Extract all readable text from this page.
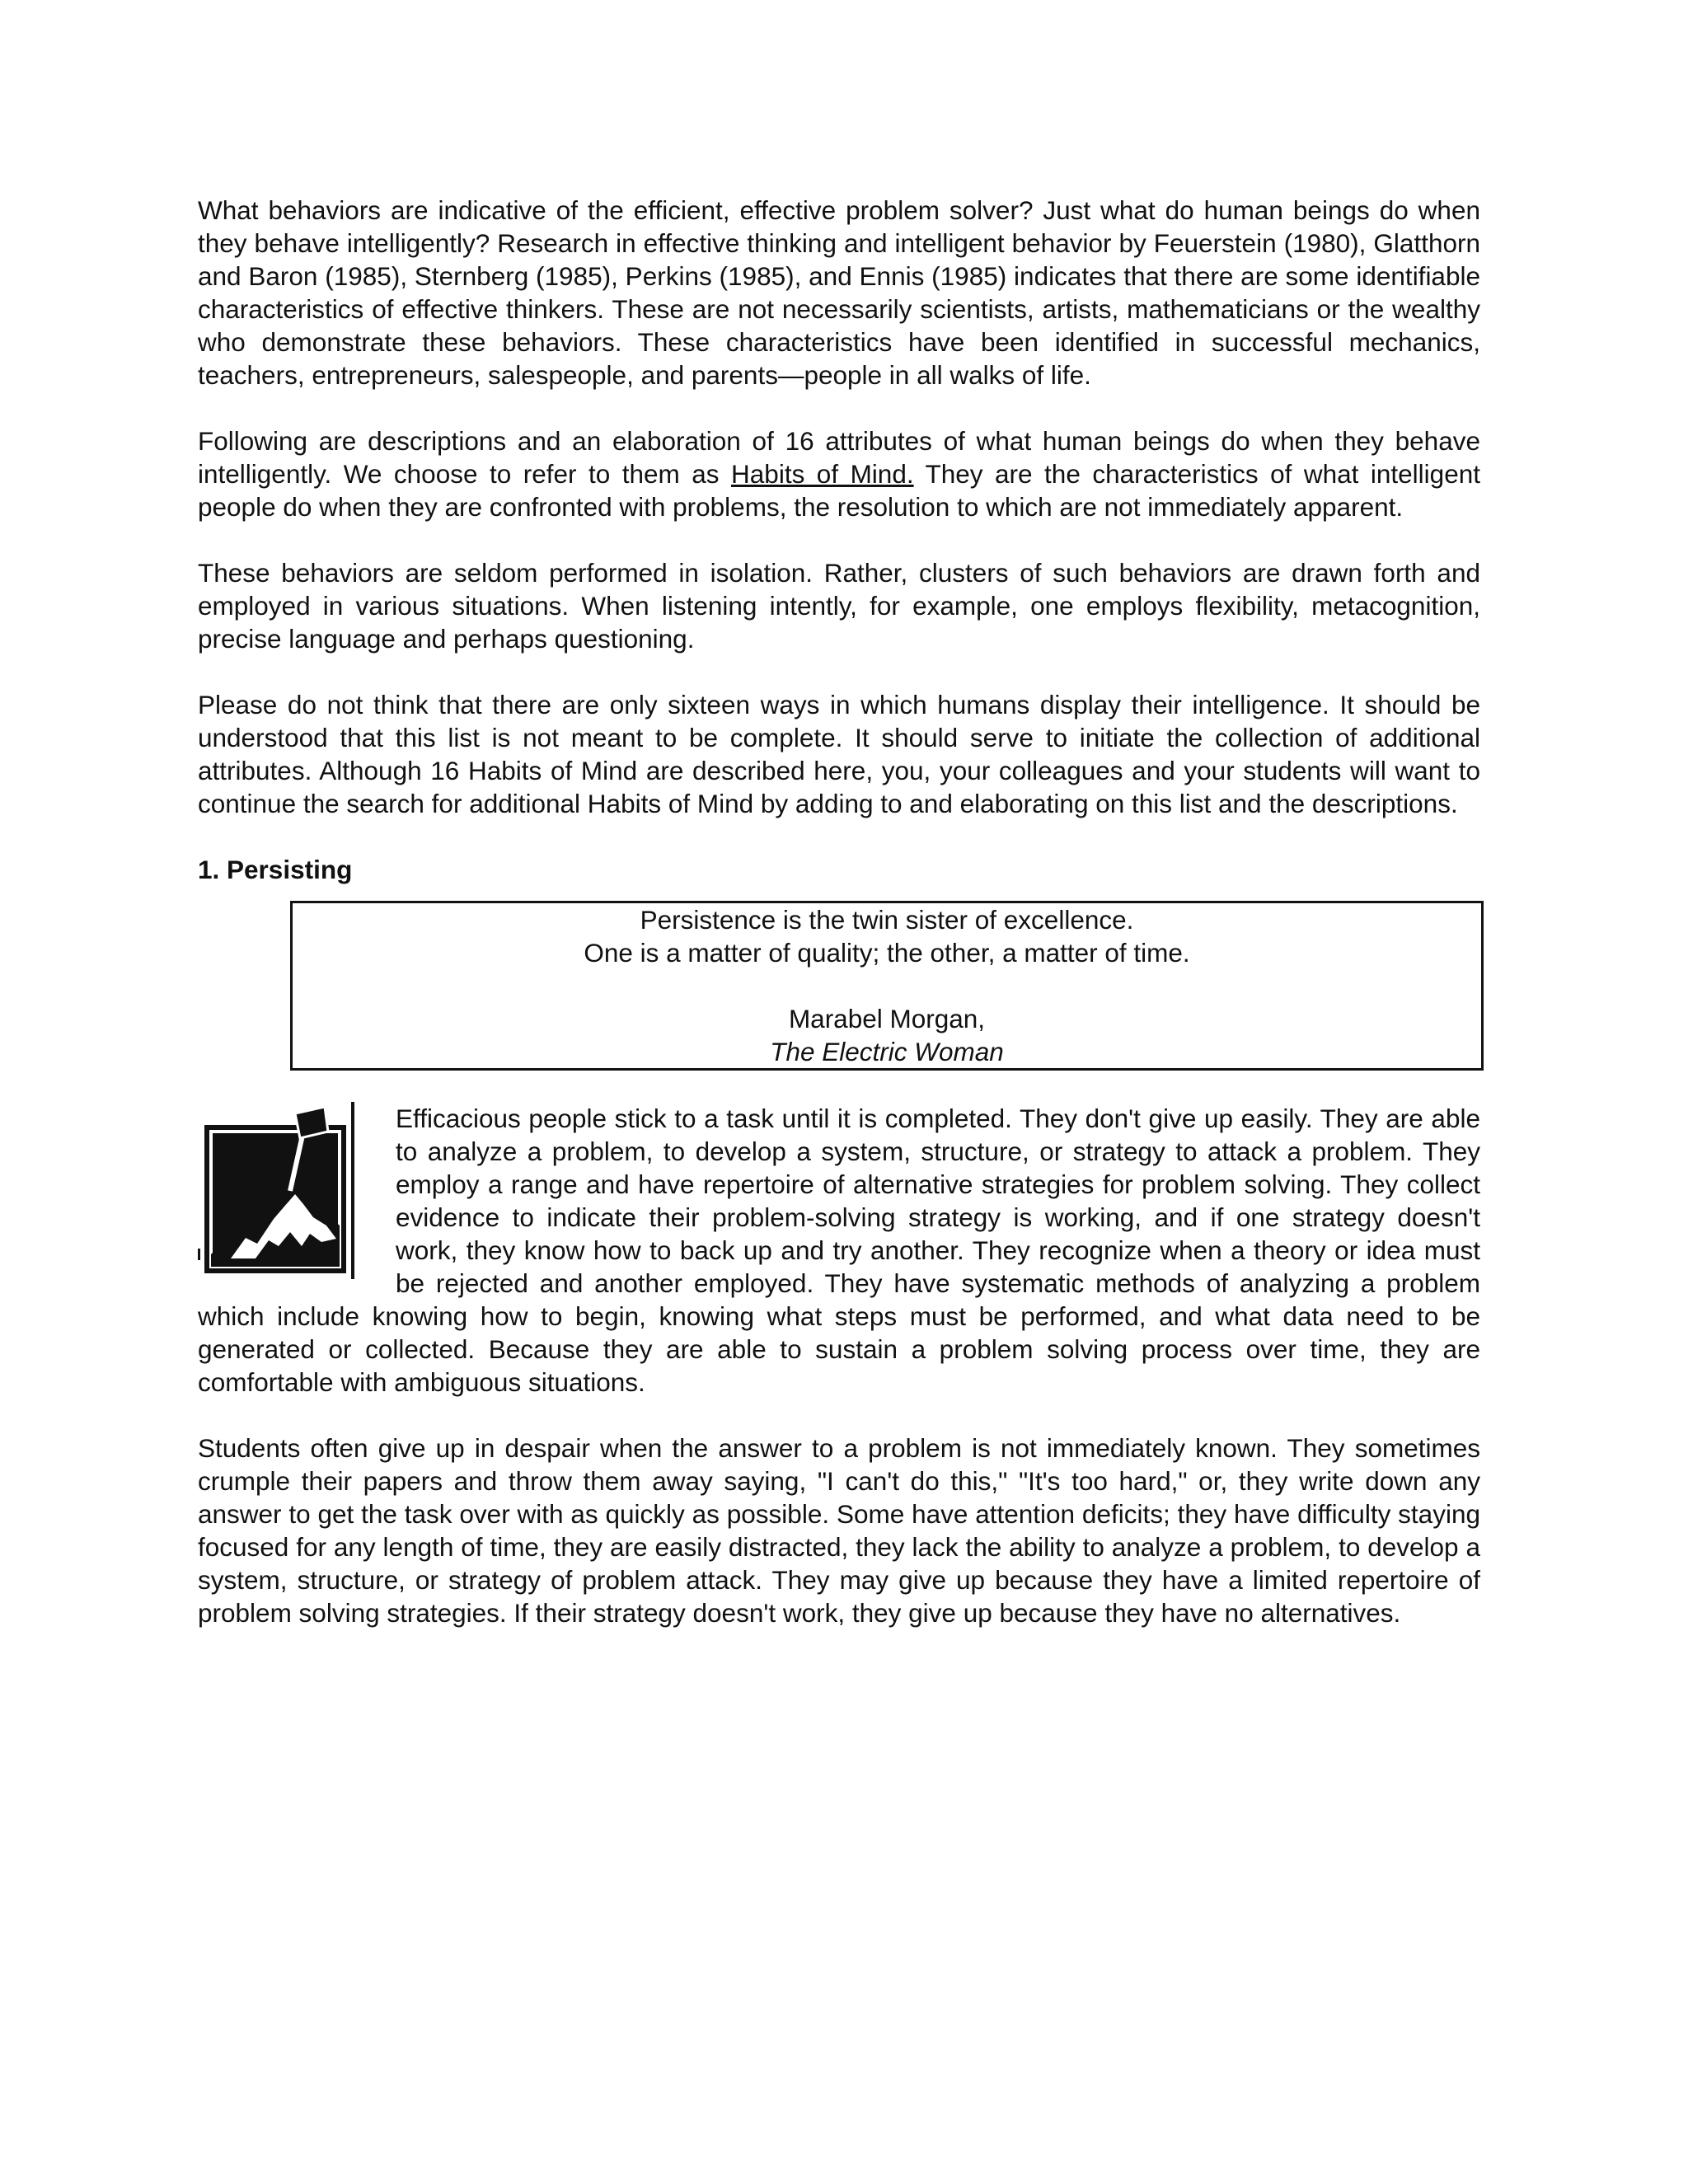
What behaviors are indicative of the efficient, effective problem solver? Just what do human beings do when they behave intelligently? Research in effective thinking and intelligent behavior by Feuerstein (1980), Glatthorn and Baron (1985), Sternberg (1985), Perkins (1985), and Ennis (1985) indicates that there are some identifiable characteristics of effective thinkers. These are not necessarily scientists, artists, mathematicians or the wealthy who demonstrate these behaviors. These characteristics have been identified in successful mechanics, teachers, entrepreneurs, salespeople, and parents—people in all walks of life.

Following are descriptions and an elaboration of 16 attributes of what human beings do when they behave intelligently. We choose to refer to them as Habits of Mind. They are the characteristics of what intelligent people do when they are confronted with problems, the resolution to which are not immediately apparent.

These behaviors are seldom performed in isolation. Rather, clusters of such behaviors are drawn forth and employed in various situations. When listening intently, for example, one employs flexibility, metacognition, precise language and perhaps questioning.

Please do not think that there are only sixteen ways in which humans display their intelligence. It should be understood that this list is not meant to be complete. It should serve to initiate the collection of additional attributes. Although 16 Habits of Mind are described here, you, your colleagues and your students will want to continue the search for additional Habits of Mind by adding to and elaborating on this list and the descriptions.

1. Persisting
Persistence is the twin sister of excellence.
One is a matter of quality; the other, a matter of time.
Marabel Morgan,
The Electric Woman

Efficacious people stick to a task until it is completed. They don't give up easily. They are able to analyze a problem, to develop a system, structure, or strategy to attack a problem. They employ a range and have repertoire of alternative strategies for problem solving. They collect evidence to indicate their problem-solving strategy is working, and if one strategy doesn't work, they know how to back up and try another. They recognize when a theory or idea must be rejected and another employed. They have systematic methods of analyzing a problem which include knowing how to begin, knowing what steps must be performed, and what data need to be generated or collected. Because they are able to sustain a problem solving process over time, they are comfortable with ambiguous situations.

Students often give up in despair when the answer to a problem is not immediately known. They sometimes crumple their papers and throw them away saying, "I can't do this," "It's too hard," or, they write down any answer to get the task over with as quickly as possible. Some have attention deficits; they have difficulty staying focused for any length of time, they are easily distracted, they lack the ability to analyze a problem, to develop a system, structure, or strategy of problem attack. They may give up because they have a limited repertoire of problem solving strategies. If their strategy doesn't work, they give up because they have no alternatives.
